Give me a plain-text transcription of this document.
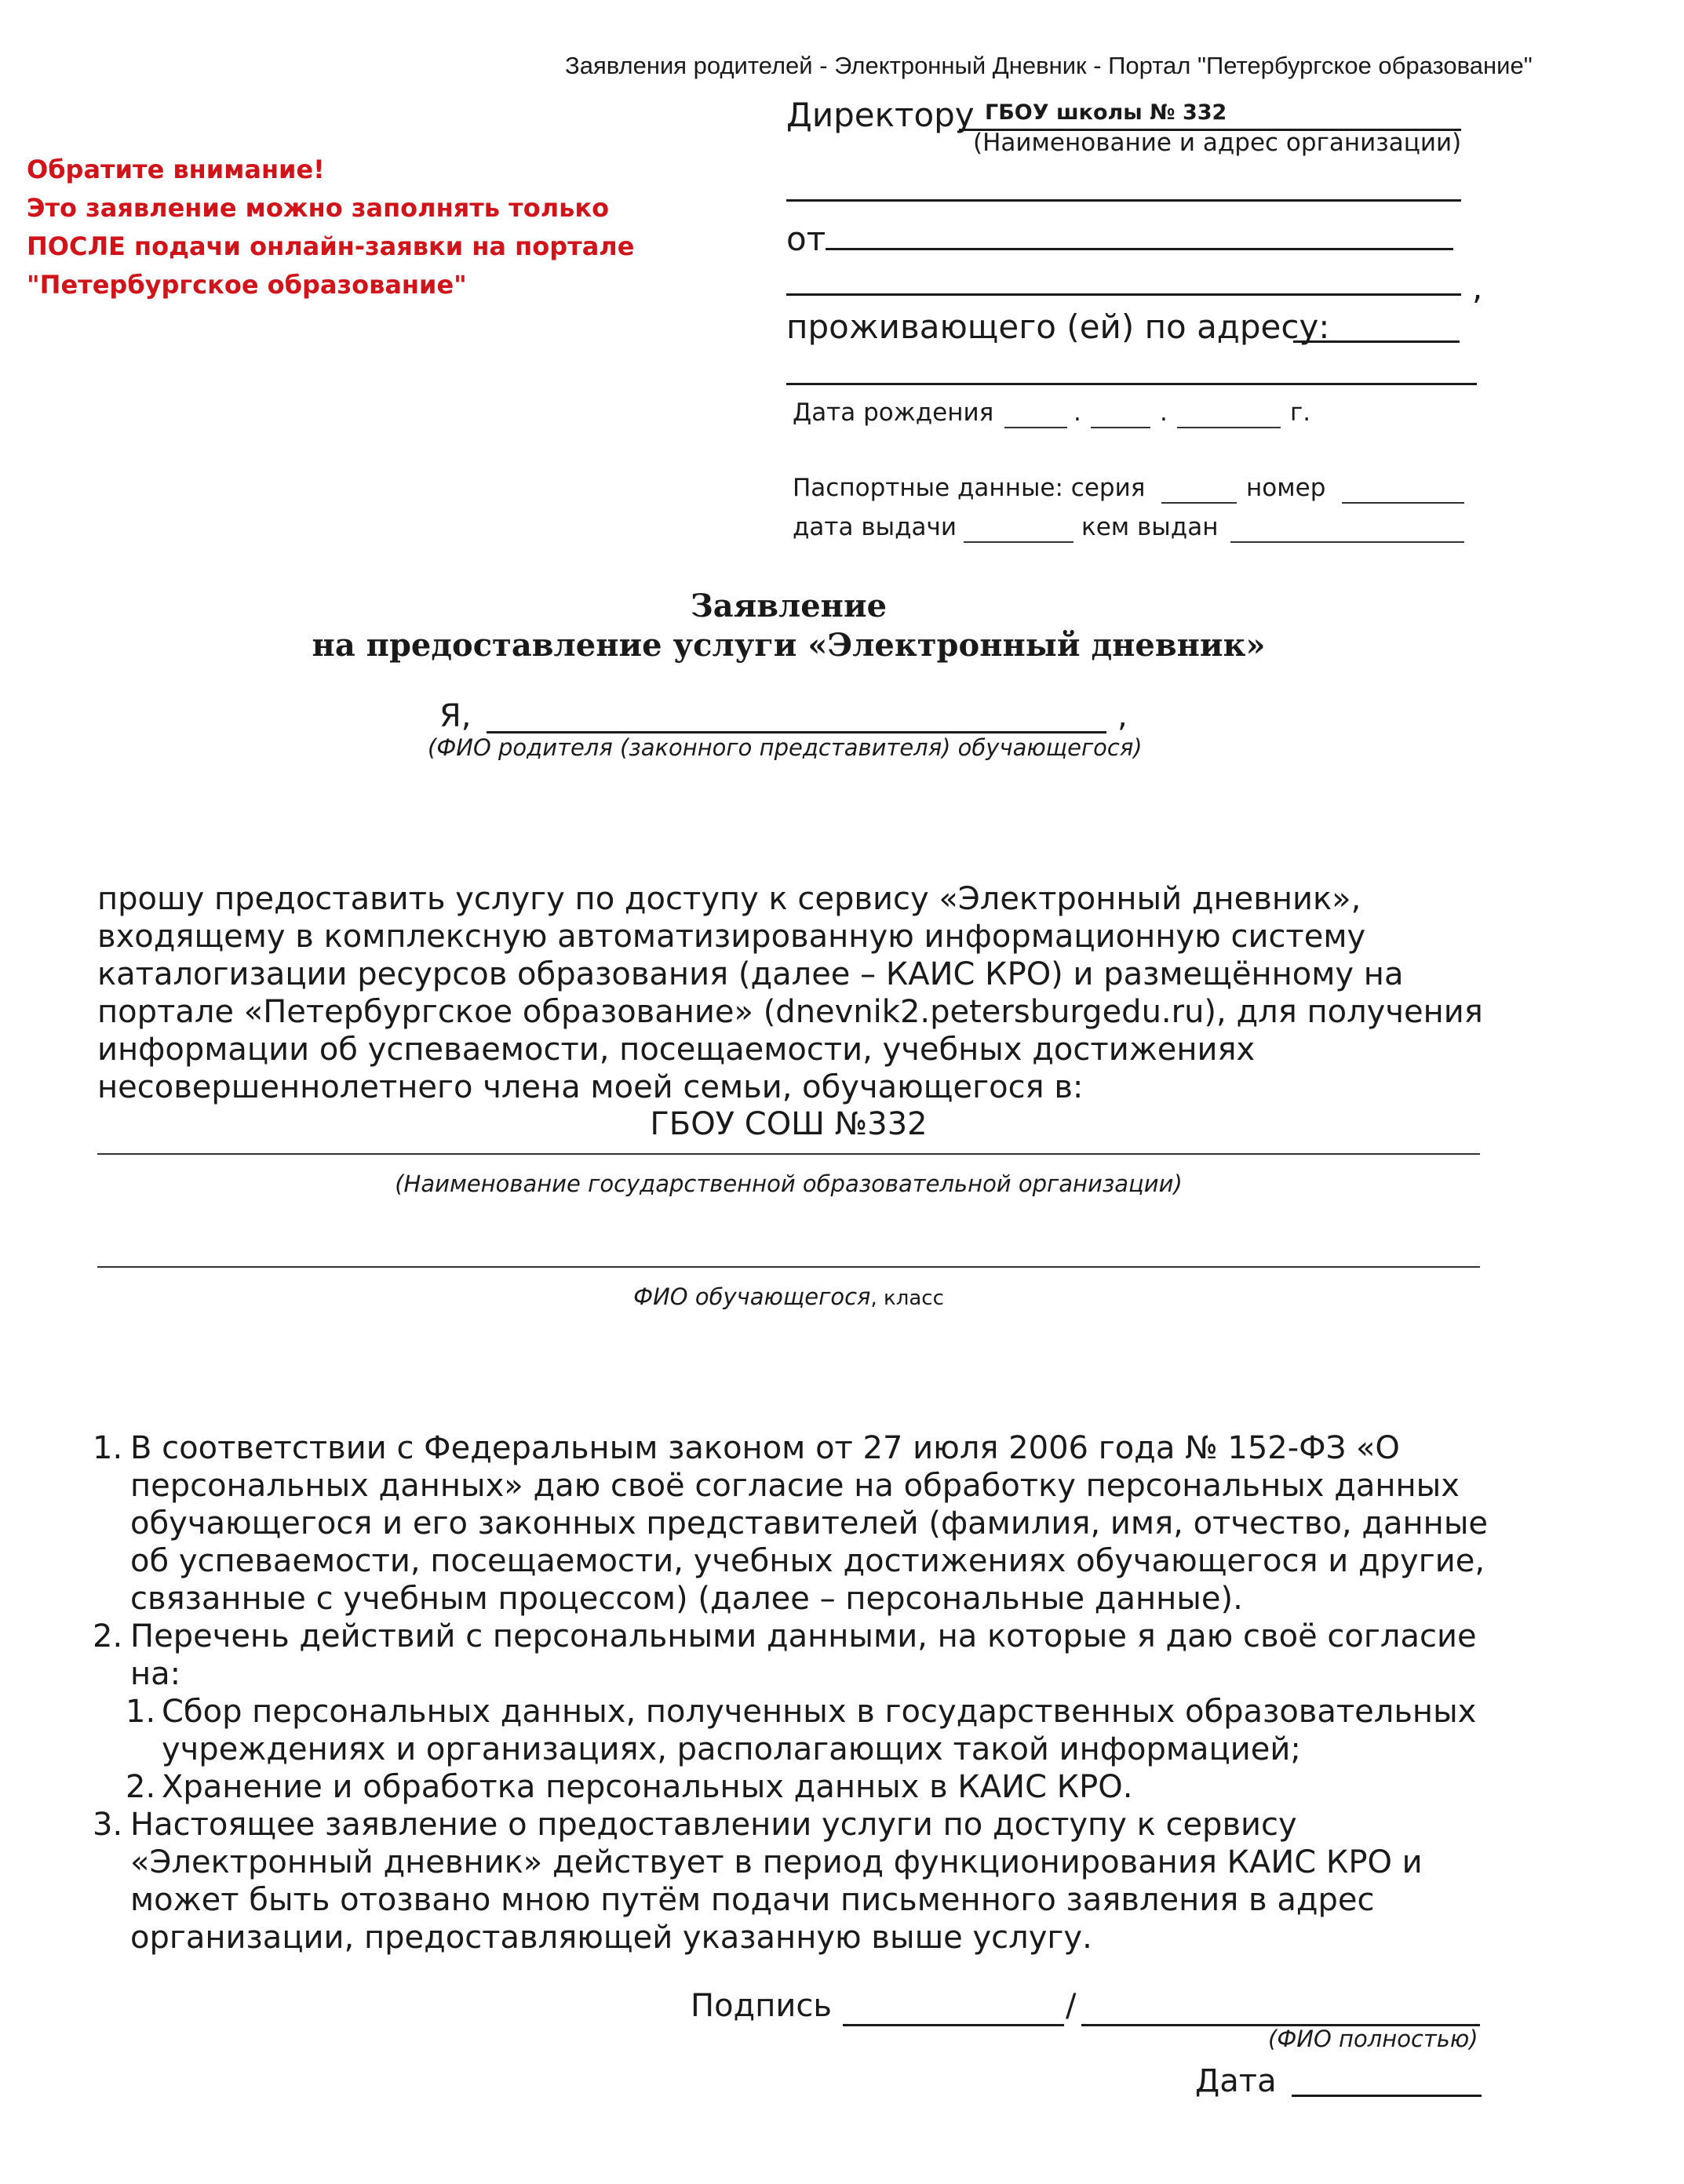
Заявления родителей - Электронный Дневник - Портал "Петербургское образование"
Обратите внимание!
Это заявление можно заполнять только
ПОСЛЕ подачи онлайн-заявки на портале
"Петербургское образование"
Директору ГБОУ школы № 332
(Наименование и адрес организации)
от
,
проживающего (ей) по адресу:
Дата рождения	.	.	г.
Паспортные данные: серия	номер
дата выдачи	кем выдан
Заявление
на предоставление услуги «Электронный дневник»
Я,	,
(ФИО родителя (законного представителя) обучающегося)
прошу предоставить услугу по доступу к сервису «Электронный дневник»,
входящему в комплексную автоматизированную информационную систему
каталогизации ресурсов образования (далее – КАИС КРО) и размещённому на
портале «Петербургское образование» (dnevnik2.petersburgedu.ru), для получения
информации об успеваемости, посещаемости, учебных достижениях
несовершеннолетнего члена моей семьи, обучающегося в:
ГБОУ СОШ №332
(Наименование государственной образовательной организации)
ФИО обучающегося, класс
1. В соответствии с Федеральным законом от 27 июля 2006 года № 152-ФЗ «О
персональных данных» даю своё согласие на обработку персональных данных
обучающегося и его законных представителей (фамилия, имя, отчество, данные
об успеваемости, посещаемости, учебных достижениях обучающегося и другие,
связанные с учебным процессом) (далее – персональные данные).
2. Перечень действий с персональными данными, на которые я даю своё согласие
на:
1. Сбор персональных данных, полученных в государственных образовательных
учреждениях и организациях, располагающих такой информацией;
2. Хранение и обработка персональных данных в КАИС КРО.
3. Настоящее заявление о предоставлении услуги по доступу к сервису
«Электронный дневник» действует в период функционирования КАИС КРО и
может быть отозвано мною путём подачи письменного заявления в адрес
организации, предоставляющей указанную выше услугу.
Подпись	/
(ФИО полностью)
Дата
